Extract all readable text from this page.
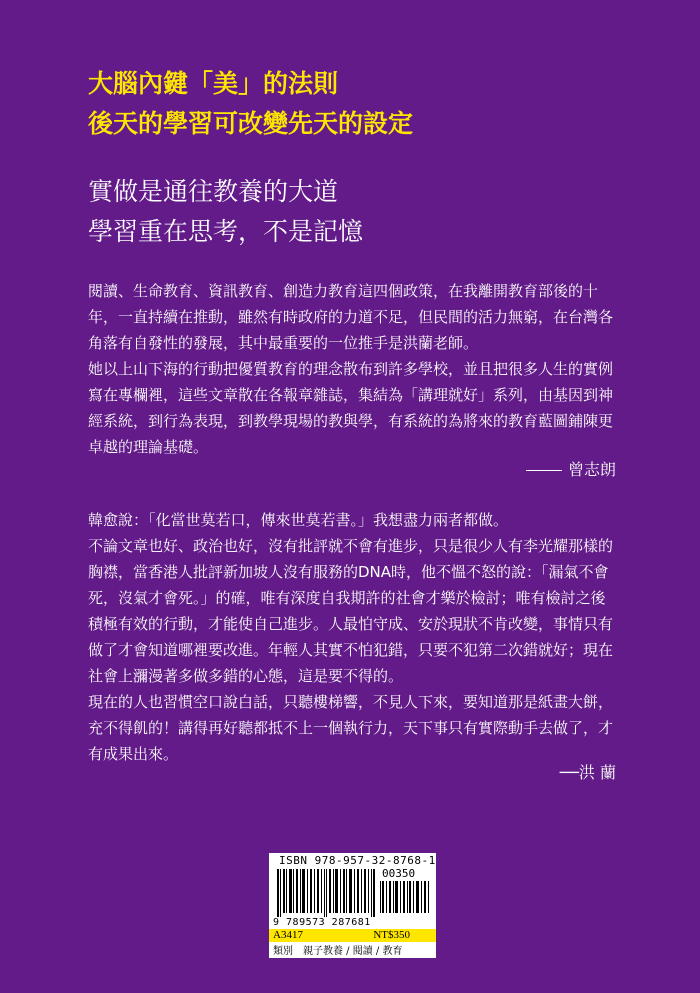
大腦內鍵「美」的法則
後天的學習可改變先天的設定
實做是通往教養的大道
學習重在思考，不是記憶
閱讀、生命教育、資訊教育、創造力教育這四個政策，在我離開教育部後的十年，一直持續在推動，雖然有時政府的力道不足，但民間的活力無窮，在台灣各角落有自發性的發展，其中最重要的一位推手是洪蘭老師。
她以上山下海的行動把優質教育的理念散布到許多學校，並且把很多人生的實例寫在專欄裡，這些文章散在各報章雜誌，集結為「講理就好」系列，由基因到神經系統，到行為表現，到教學現場的教與學，有系統的為將來的教育藍圖鋪陳更卓越的理論基礎。
曾志朗
韓愈說：「化當世莫若口，傳來世莫若書。」我想盡力兩者都做。
不論文章也好、政治也好，沒有批評就不會有進步，只是很少人有李光耀那樣的胸襟，當香港人批評新加坡人沒有服務的DNA時，他不慍不怒的說：「漏氣不會死，沒氣才會死。」的確，唯有深度自我期許的社會才樂於檢討；唯有檢討之後積極有效的行動，才能使自己進步。人最怕守成、安於現狀不肯改變，事情只有做了才會知道哪裡要改進。年輕人其實不怕犯錯，只要不犯第二次錯就好；現在社會上瀰漫著多做多錯的心態，這是要不得的。
現在的人也習慣空口說白話，只聽樓梯響，不見人下來，要知道那是紙畫大餅，充不得飢的！講得再好聽都抵不上一個執行力，天下事只有實際動手去做了，才有成果出來。
──洪 蘭
ISBN 978-957-32-8768-1
00350
9 789573 287681
A3417	NT$350
類別　親子教養 / 閱讀 / 教育
